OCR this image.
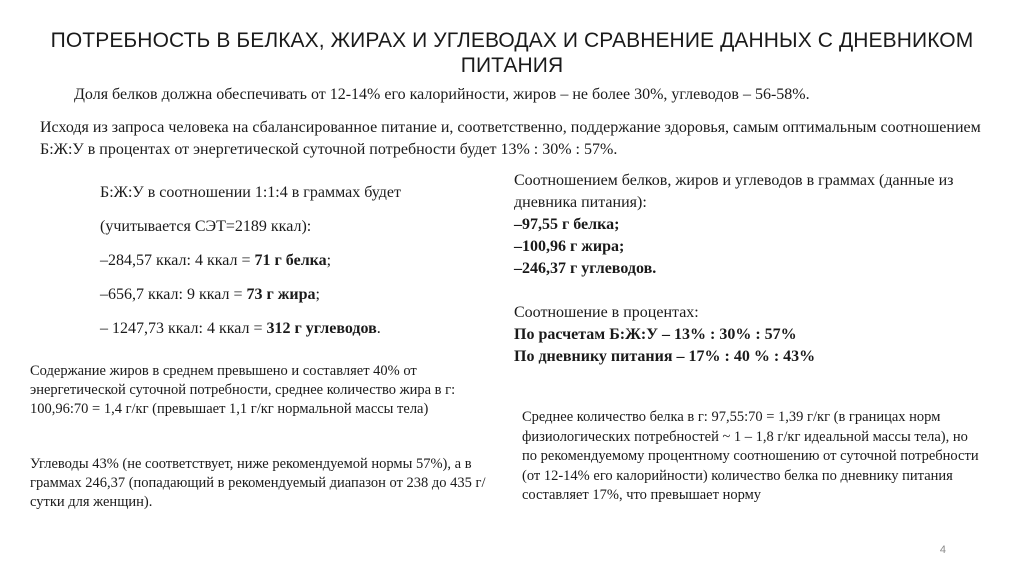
ПОТРЕБНОСТЬ В БЕЛКАХ, ЖИРАХ И УГЛЕВОДАХ И СРАВНЕНИЕ ДАННЫХ С ДНЕВНИКОМ ПИТАНИЯ
Доля белков должна обеспечивать от 12-14% его калорийности, жиров – не более 30%, углеводов – 56-58%.
Исходя из запроса человека на сбалансированное питание и, соответственно, поддержание здоровья, самым оптимальным соотношением Б:Ж:У в процентах от энергетической суточной потребности будет 13% : 30% : 57%.
Б:Ж:У в соотношении 1:1:4 в граммах будет
(учитывается СЭТ=2189 ккал):
–284,57 ккал: 4 ккал = 71 г белка;
–656,7 ккал: 9 ккал = 73 г жира;
– 1247,73 ккал: 4 ккал = 312 г углеводов.
Соотношением белков, жиров и углеводов в граммах (данные из дневника питания):
–97,55 г белка;
–100,96 г жира;
–246,37 г углеводов.
Соотношение в процентах:
По расчетам Б:Ж:У – 13% : 30% : 57%
По дневнику питания – 17% : 40 % : 43%
Содержание жиров в среднем превышено и составляет 40% от энергетической суточной потребности, среднее количество жира в г: 100,96:70 = 1,4 г/кг (превышает 1,1 г/кг нормальной массы тела)
Углеводы 43% (не соответствует, ниже рекомендуемой нормы 57%), а в граммах 246,37 (попадающий в рекомендуемый диапазон от 238 до 435 г/сутки для женщин).
Среднее количество белка в г: 97,55:70 = 1,39 г/кг (в границах норм физиологических потребностей ~ 1 – 1,8 г/кг идеальной массы тела), но по рекомендуемому процентному соотношению от суточной потребности (от 12-14% его калорийности) количество белка по дневнику питания составляет 17%, что превышает норму
4
